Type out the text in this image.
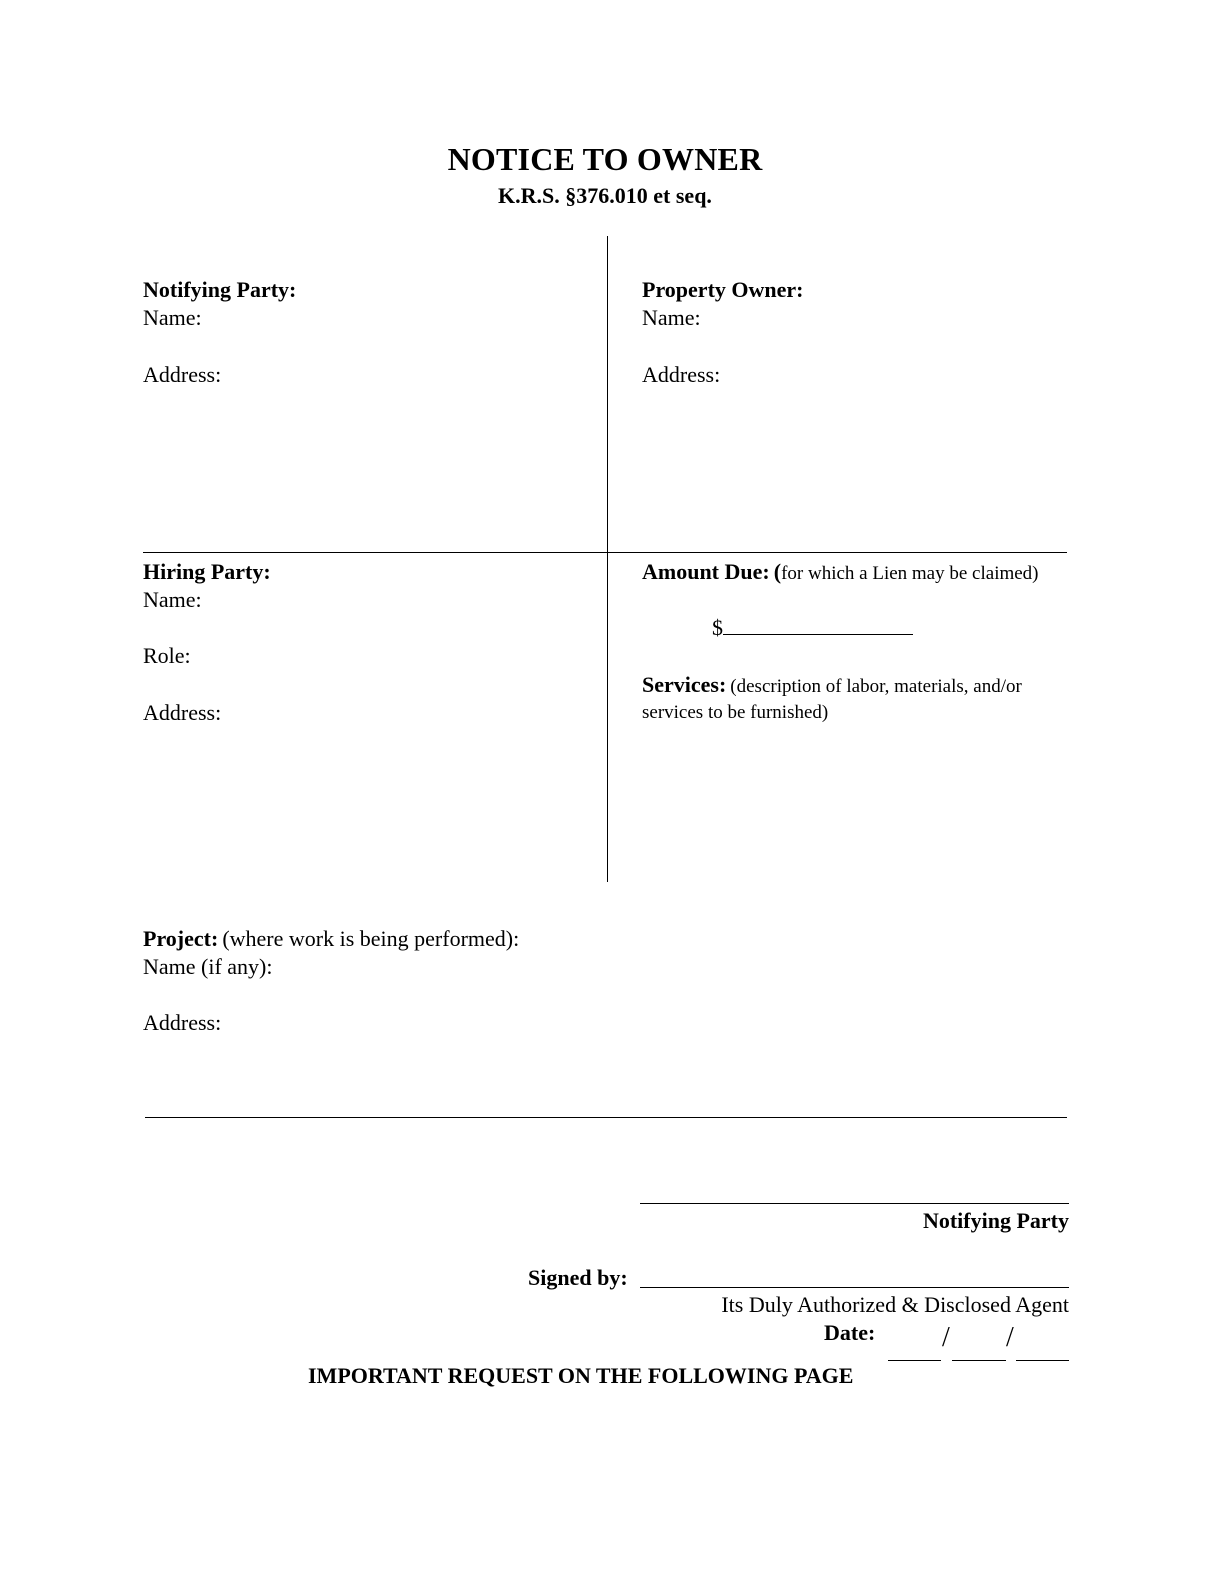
NOTICE TO OWNER
K.R.S. §376.010 et seq.
Notifying Party:
Name:
Address:
Property Owner:
Name:
Address:
Hiring Party:
Name:
Role:
Address:
Amount Due: (for which a Lien may be claimed)
$
Services: (description of labor, materials, and/or
services to be furnished)
Project: (where work is being performed):
Name (if any):
Address:
Notifying Party
Signed by:
Its Duly Authorized & Disclosed Agent
Date: / /
IMPORTANT REQUEST ON THE FOLLOWING PAGE
